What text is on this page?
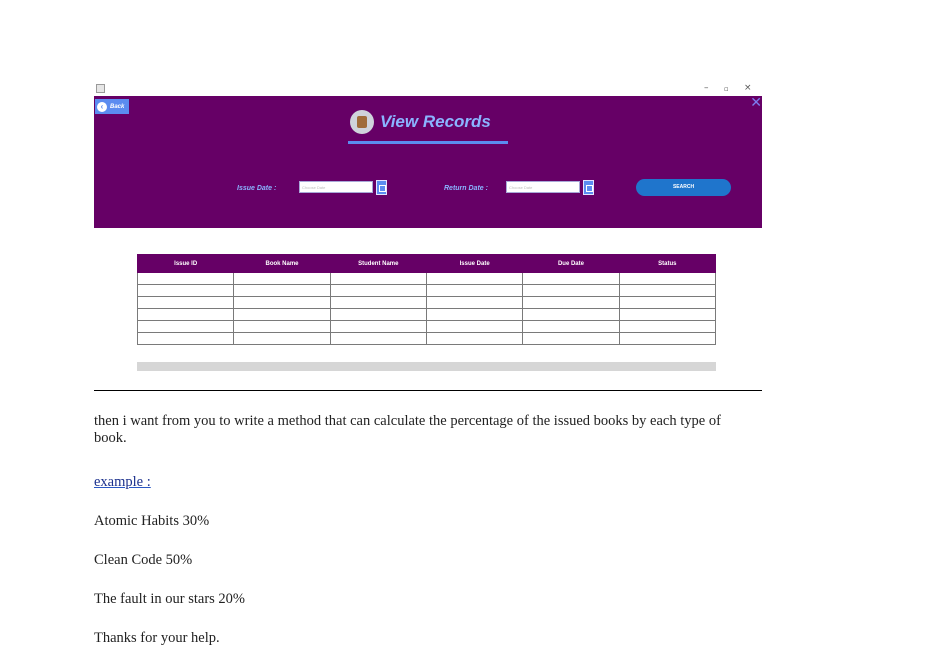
– ▫ ×
‹	Back	✕
View Records
Issue Date :	Choose Date	Return Date :	Choose Date	SEARCH
Issue ID	Book Name	Student Name	Issue Date	Due Date	Status

then i want from you to write a method that can calculate the percentage of the issued books by each type of book.

example :
Atomic Habits 30%
Clean Code 50%
The fault in our stars 20%
Thanks for your help.
